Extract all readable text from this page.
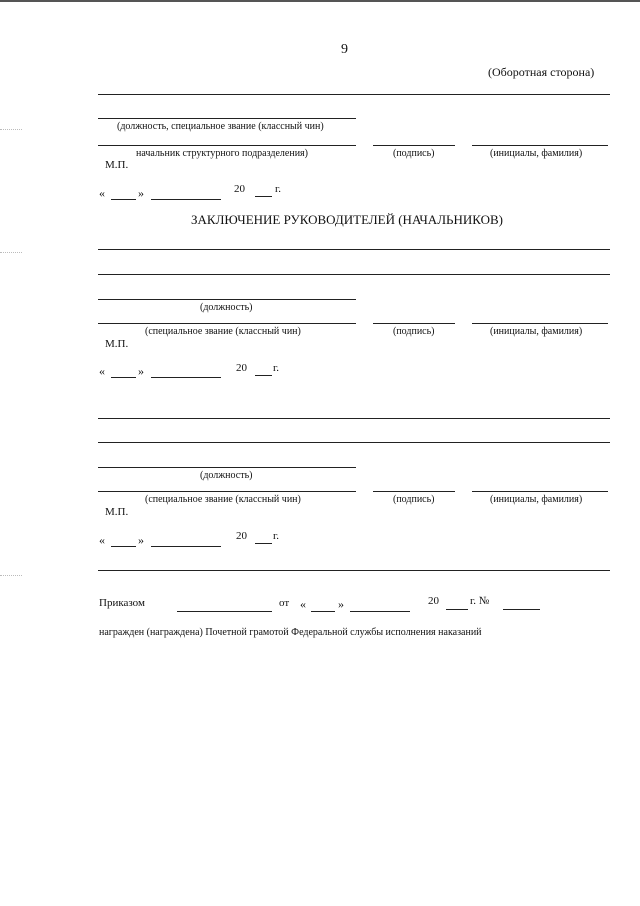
9
(Оборотная сторона)
(должность, специальное звание (классный чин)
начальник структурного подразделения)	(подпись)	(инициалы, фамилия)
М.П.
«	»	20	г.
ЗАКЛЮЧЕНИЕ РУКОВОДИТЕЛЕЙ (НАЧАЛЬНИКОВ)
(должность)
(специальное звание (классный чин)	(подпись)	(инициалы, фамилия)
М.П.
«	»	20 г.
(должность)
(специальное звание (классный чин)	(подпись)	(инициалы, фамилия)
М.П.
«	»	20 г.
Приказом	от «	»	20	г. №
награжден (награждена) Почетной грамотой Федеральной службы исполнения наказаний
